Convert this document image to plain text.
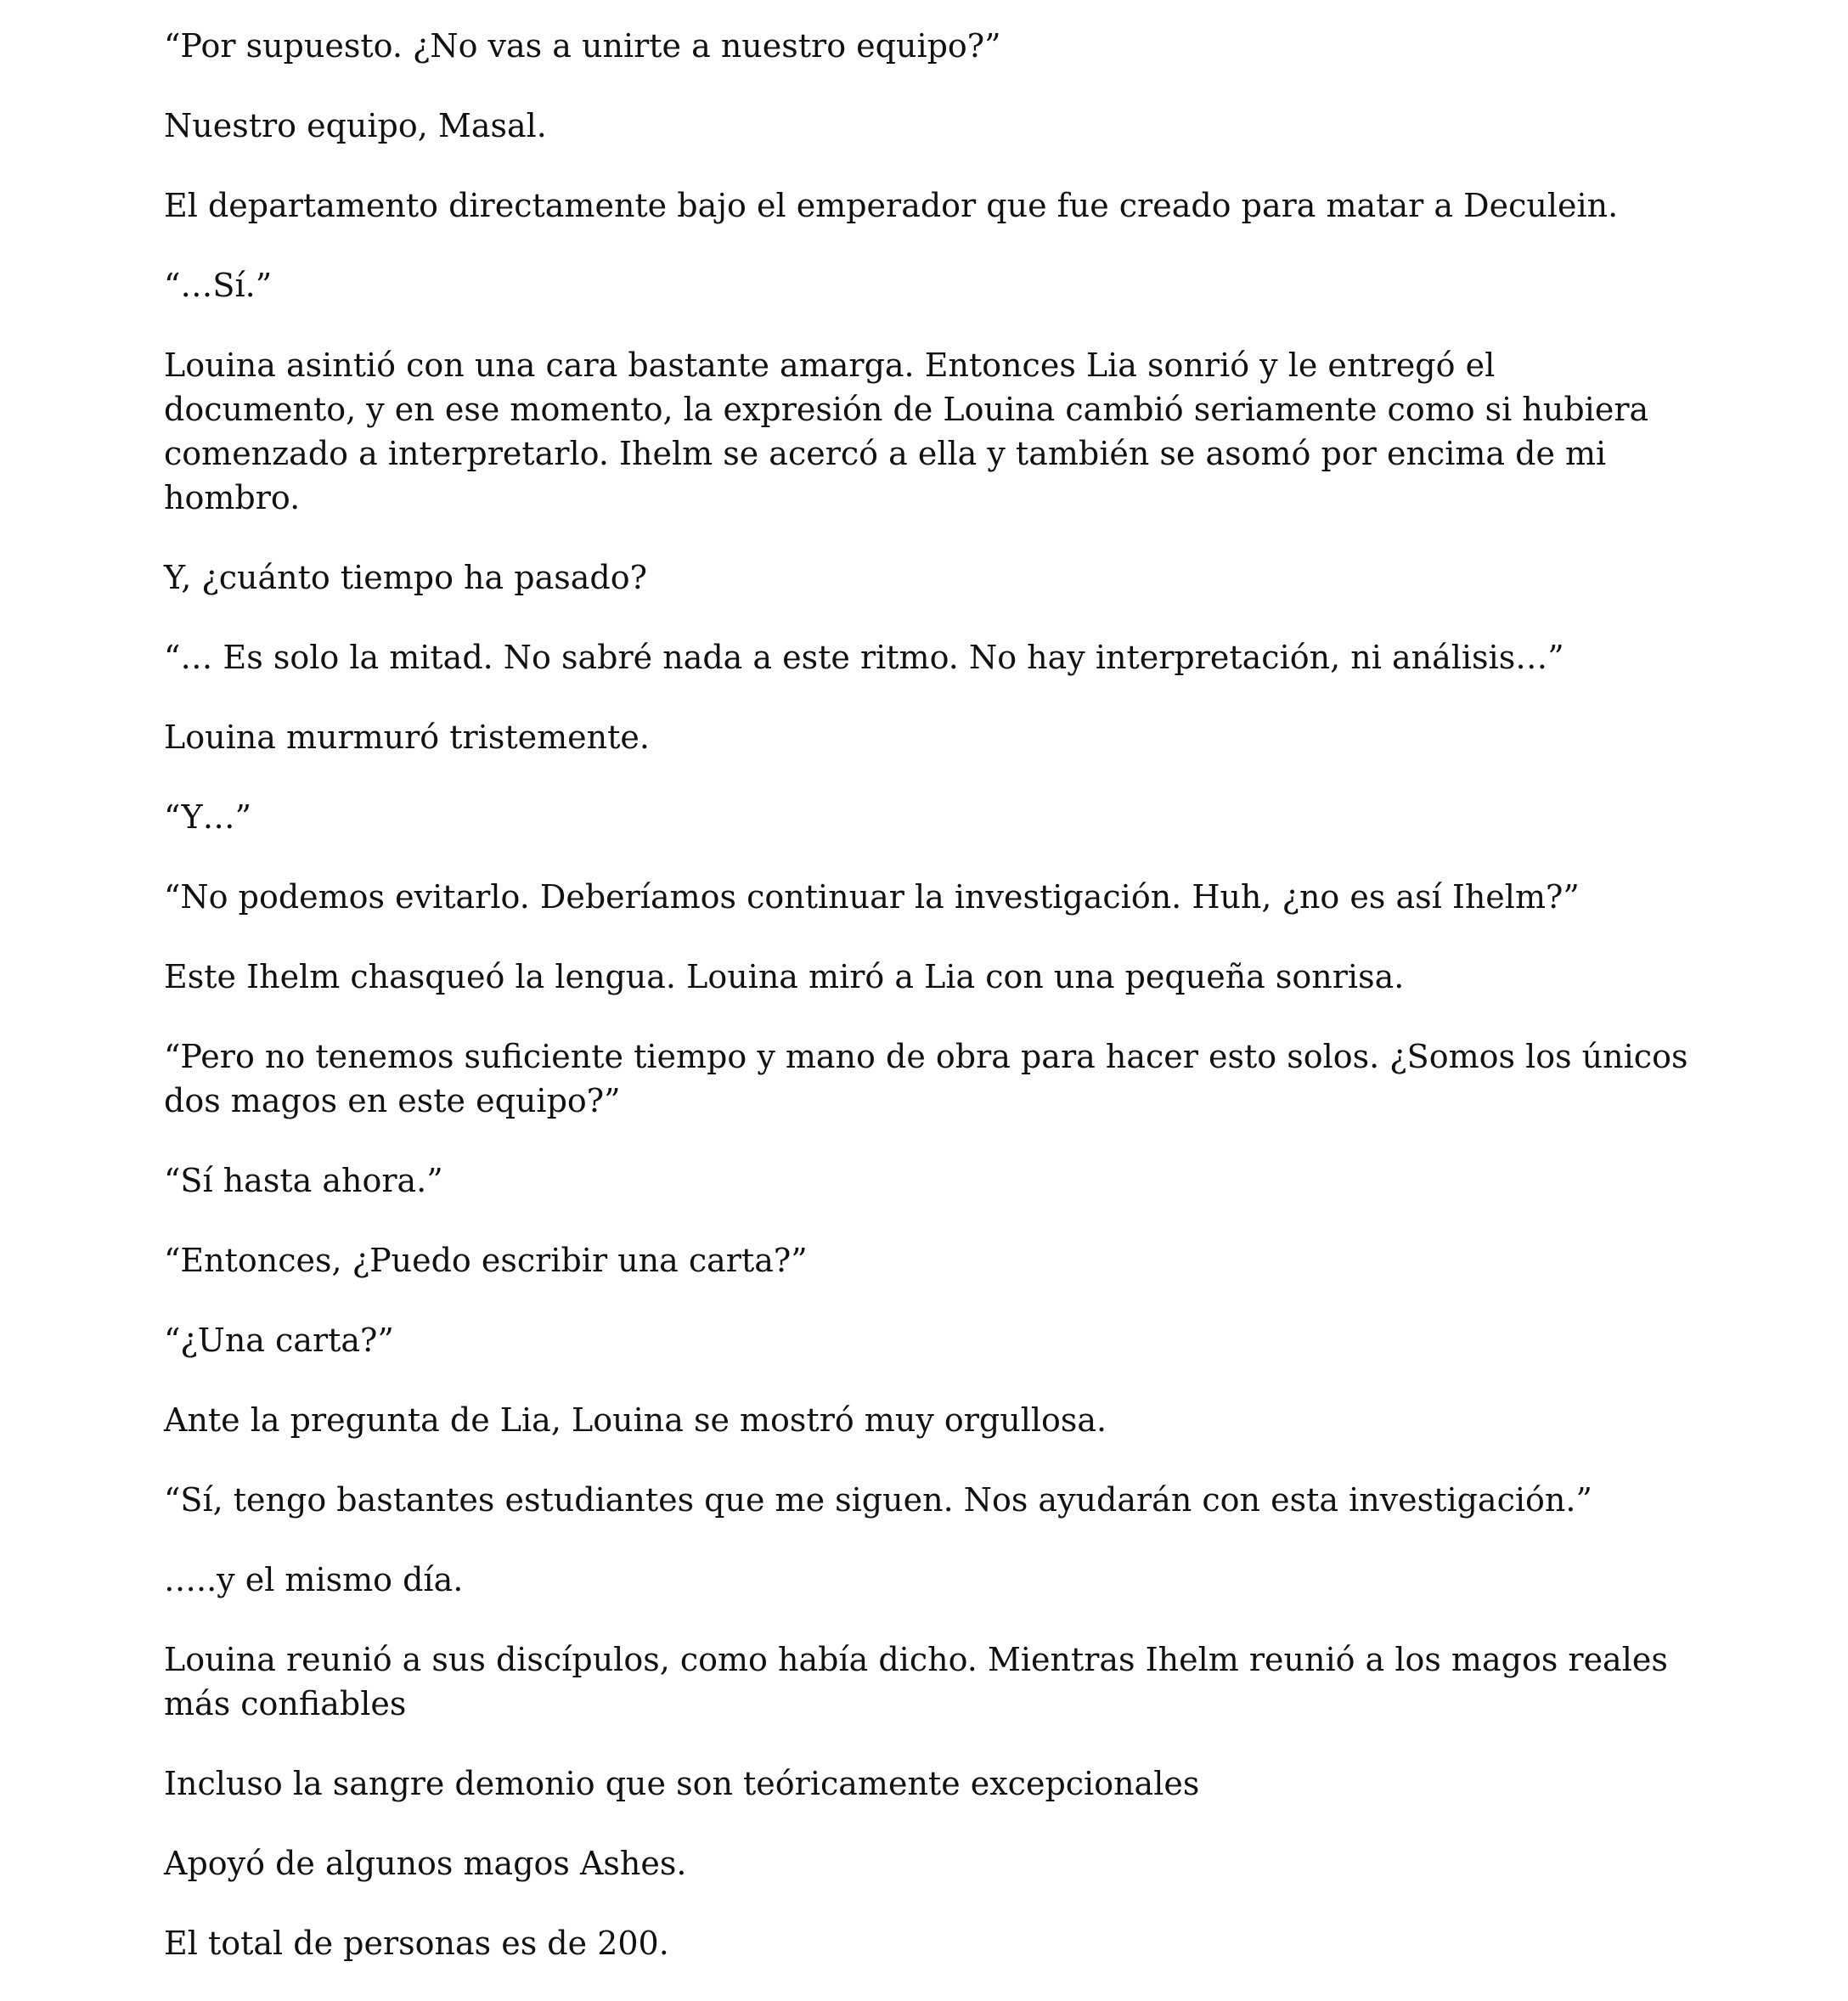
“Por supuesto. ¿No vas a unirte a nuestro equipo?”

Nuestro equipo, Masal.

El departamento directamente bajo el emperador que fue creado para matar a Deculein.

“…Sí.”

Louina asintió con una cara bastante amarga. Entonces Lia sonrió y le entregó el documento, y en ese momento, la expresión de Louina cambió seriamente como si hubiera comenzado a interpretarlo. Ihelm se acercó a ella y también se asomó por encima de mi hombro.

Y, ¿cuánto tiempo ha pasado?

“… Es solo la mitad. No sabré nada a este ritmo. No hay interpretación, ni análisis…”

Louina murmuró tristemente.

“Y…”

“No podemos evitarlo. Deberíamos continuar la investigación. Huh, ¿no es así Ihelm?”

Este Ihelm chasqueó la lengua. Louina miró a Lia con una pequeña sonrisa.

“Pero no tenemos suficiente tiempo y mano de obra para hacer esto solos. ¿Somos los únicos dos magos en este equipo?”

“Sí hasta ahora.”

“Entonces, ¿Puedo escribir una carta?”

“¿Una carta?”

Ante la pregunta de Lia, Louina se mostró muy orgullosa.

“Sí, tengo bastantes estudiantes que me siguen. Nos ayudarán con esta investigación.”

…..y el mismo día.

Louina reunió a sus discípulos, como había dicho. Mientras Ihelm reunió a los magos reales más confiables

Incluso la sangre demonio que son teóricamente excepcionales

Apoyó de algunos magos Ashes.

El total de personas es de 200.
